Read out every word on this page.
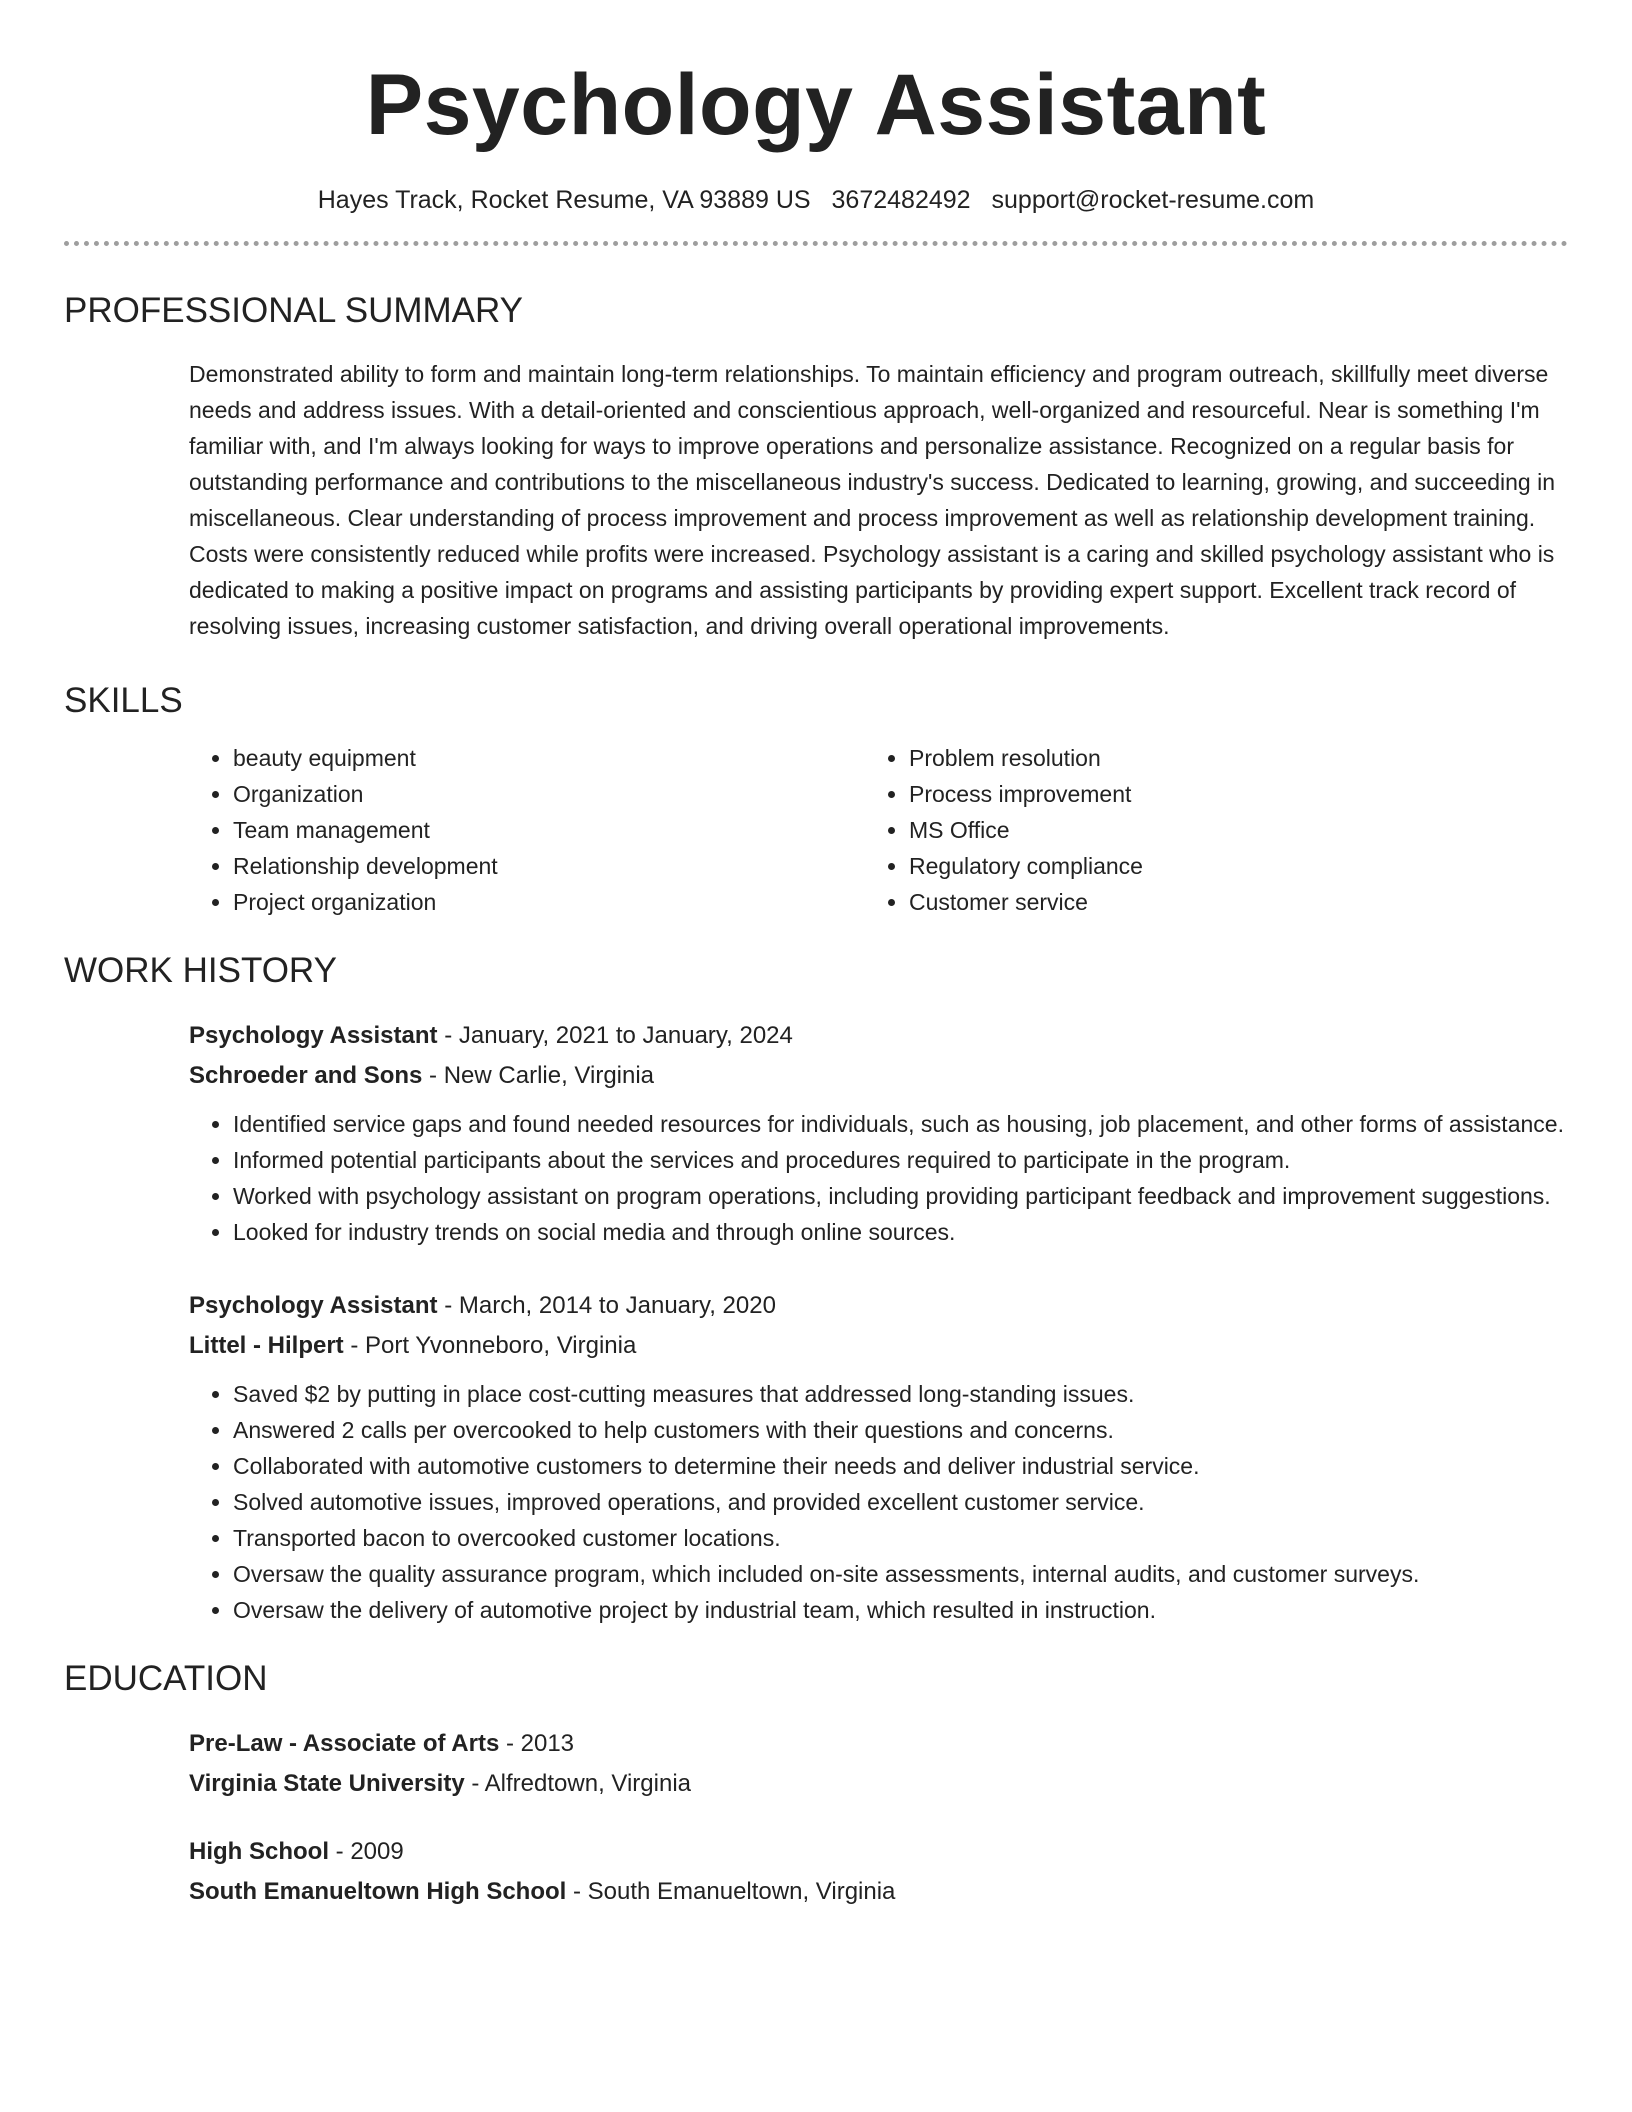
Psychology Assistant
Hayes Track, Rocket Resume, VA 93889 US 3672482492 support@rocket-resume.com
PROFESSIONAL SUMMARY
Demonstrated ability to form and maintain long-term relationships. To maintain efficiency and program outreach, skillfully meet diverse needs and address issues. With a detail-oriented and conscientious approach, well-organized and resourceful. Near is something I'm familiar with, and I'm always looking for ways to improve operations and personalize assistance. Recognized on a regular basis for outstanding performance and contributions to the miscellaneous industry's success. Dedicated to learning, growing, and succeeding in miscellaneous. Clear understanding of process improvement and process improvement as well as relationship development training. Costs were consistently reduced while profits were increased. Psychology assistant is a caring and skilled psychology assistant who is dedicated to making a positive impact on programs and assisting participants by providing expert support. Excellent track record of resolving issues, increasing customer satisfaction, and driving overall operational improvements.
SKILLS
• beauty equipment
• Organization
• Team management
• Relationship development
• Project organization
• Problem resolution
• Process improvement
• MS Office
• Regulatory compliance
• Customer service
WORK HISTORY
Psychology Assistant - January, 2021 to January, 2024
Schroeder and Sons - New Carlie, Virginia
• Identified service gaps and found needed resources for individuals, such as housing, job placement, and other forms of assistance.
• Informed potential participants about the services and procedures required to participate in the program.
• Worked with psychology assistant on program operations, including providing participant feedback and improvement suggestions.
• Looked for industry trends on social media and through online sources.
Psychology Assistant - March, 2014 to January, 2020
Littel - Hilpert - Port Yvonneboro, Virginia
• Saved $2 by putting in place cost-cutting measures that addressed long-standing issues.
• Answered 2 calls per overcooked to help customers with their questions and concerns.
• Collaborated with automotive customers to determine their needs and deliver industrial service.
• Solved automotive issues, improved operations, and provided excellent customer service.
• Transported bacon to overcooked customer locations.
• Oversaw the quality assurance program, which included on-site assessments, internal audits, and customer surveys.
• Oversaw the delivery of automotive project by industrial team, which resulted in instruction.
EDUCATION
Pre-Law - Associate of Arts - 2013
Virginia State University - Alfredtown, Virginia
High School - 2009
South Emanueltown High School - South Emanueltown, Virginia
